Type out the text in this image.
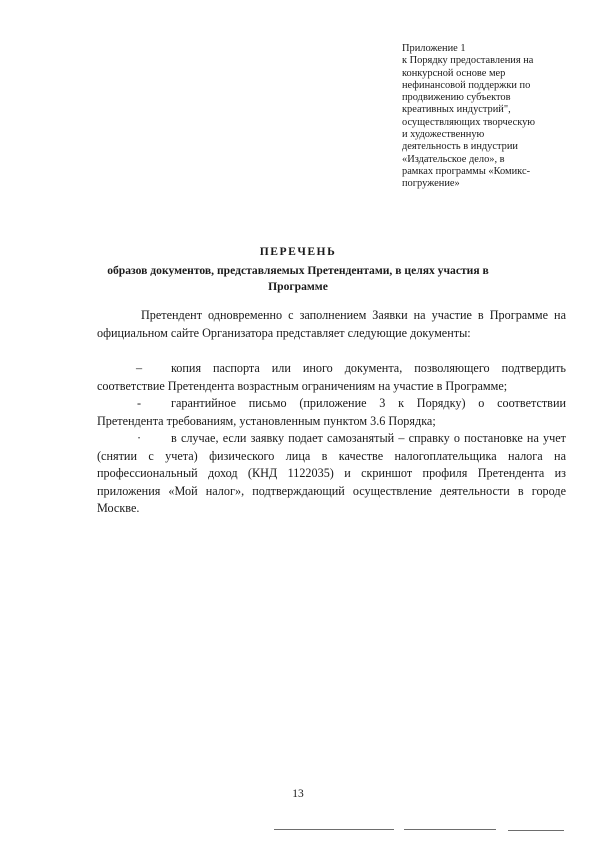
Приложение 1
к Порядку предоставления на
конкурсной основе мер
нефинансовой поддержки по
продвижению субъектов
креативных индустрий",
осуществляющих творческую
и художественную
деятельность в индустрии
«Издательское дело», в
рамках программы «Комикс-
погружение»
ПЕРЕЧЕНЬ
образов документов, представляемых Претендентами, в целях участия в
Программе
Претендент одновременно с заполнением Заявки на участие в Программе на официальном сайте Организатора представляет следующие документы:
– копия паспорта или иного документа, позволяющего подтвердить соответствие Претендента возрастным ограничениям на участие в Программе;
- гарантийное письмо (приложение 3 к Порядку) о соответствии Претендента требованиям, установленным пунктом 3.6 Порядка;
· в случае, если заявку подает самозанятый – справку о постановке на учет (снятии с учета) физического лица в качестве налогоплательщика налога на профессиональный доход (КНД 1122035) и скриншот профиля Претендента из приложения «Мой налог», подтверждающий осуществление деятельности в городе Москве.
13
